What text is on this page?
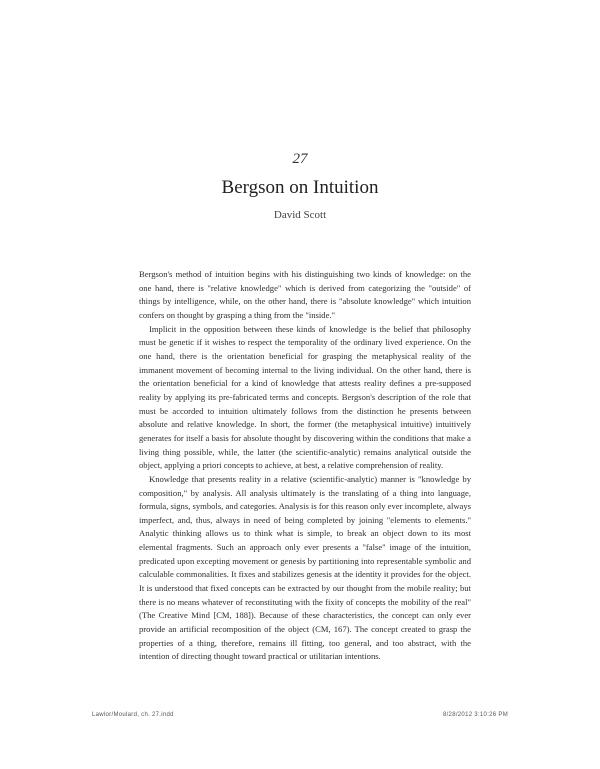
27
Bergson on Intuition
David Scott

Bergson's method of intuition begins with his distinguishing two kinds of knowledge: on the one hand, there is "relative knowledge" which is derived from categorizing the "outside" of things by intelligence, while, on the other hand, there is "absolute knowledge" which intuition confers on thought by grasping a thing from the "inside."

Implicit in the opposition between these kinds of knowledge is the belief that philosophy must be genetic if it wishes to respect the temporality of the ordinary lived experience. On the one hand, there is the orientation beneficial for grasping the metaphysical reality of the immanent movement of becoming internal to the living individual. On the other hand, there is the orientation beneficial for a kind of knowledge that attests reality defines a pre-supposed reality by applying its pre-fabricated terms and concepts. Bergson's description of the role that must be accorded to intuition ultimately follows from the distinction he presents between absolute and relative knowledge. In short, the former (the metaphysical intuitive) intuitively generates for itself a basis for absolute thought by discovering within the conditions that make a living thing possible, while, the latter (the scientific-analytic) remains analytical outside the object, applying a priori concepts to achieve, at best, a relative comprehension of reality.

Knowledge that presents reality in a relative (scientific-analytic) manner is "knowledge by composition," by analysis. All analysis ultimately is the translating of a thing into language, formula, signs, symbols, and categories. Analysis is for this reason only ever incomplete, always imperfect, and, thus, always in need of being completed by joining "elements to elements." Analytic thinking allows us to think what is simple, to break an object down to its most elemental fragments. Such an approach only ever presents a "false" image of the intuition, predicated upon excepting movement or genesis by partitioning into representable symbolic and calculable commonalities. It fixes and stabilizes genesis at the identity it provides for the object. It is understood that fixed concepts can be extracted by our thought from the mobile reality; but there is no means whatever of reconstituting with the fixity of concepts the mobility of the real" (The Creative Mind [CM, 188]). Because of these characteristics, the concept can only ever provide an artificial recomposition of the object (CM, 167). The concept created to grasp the properties of a thing, therefore, remains ill fitting, too general, and too abstract, with the intention of directing thought toward practical or utilitarian intentions.

Lawlor/Moulard, ch. 27.indd	8/28/2012 3:10:26 PM
